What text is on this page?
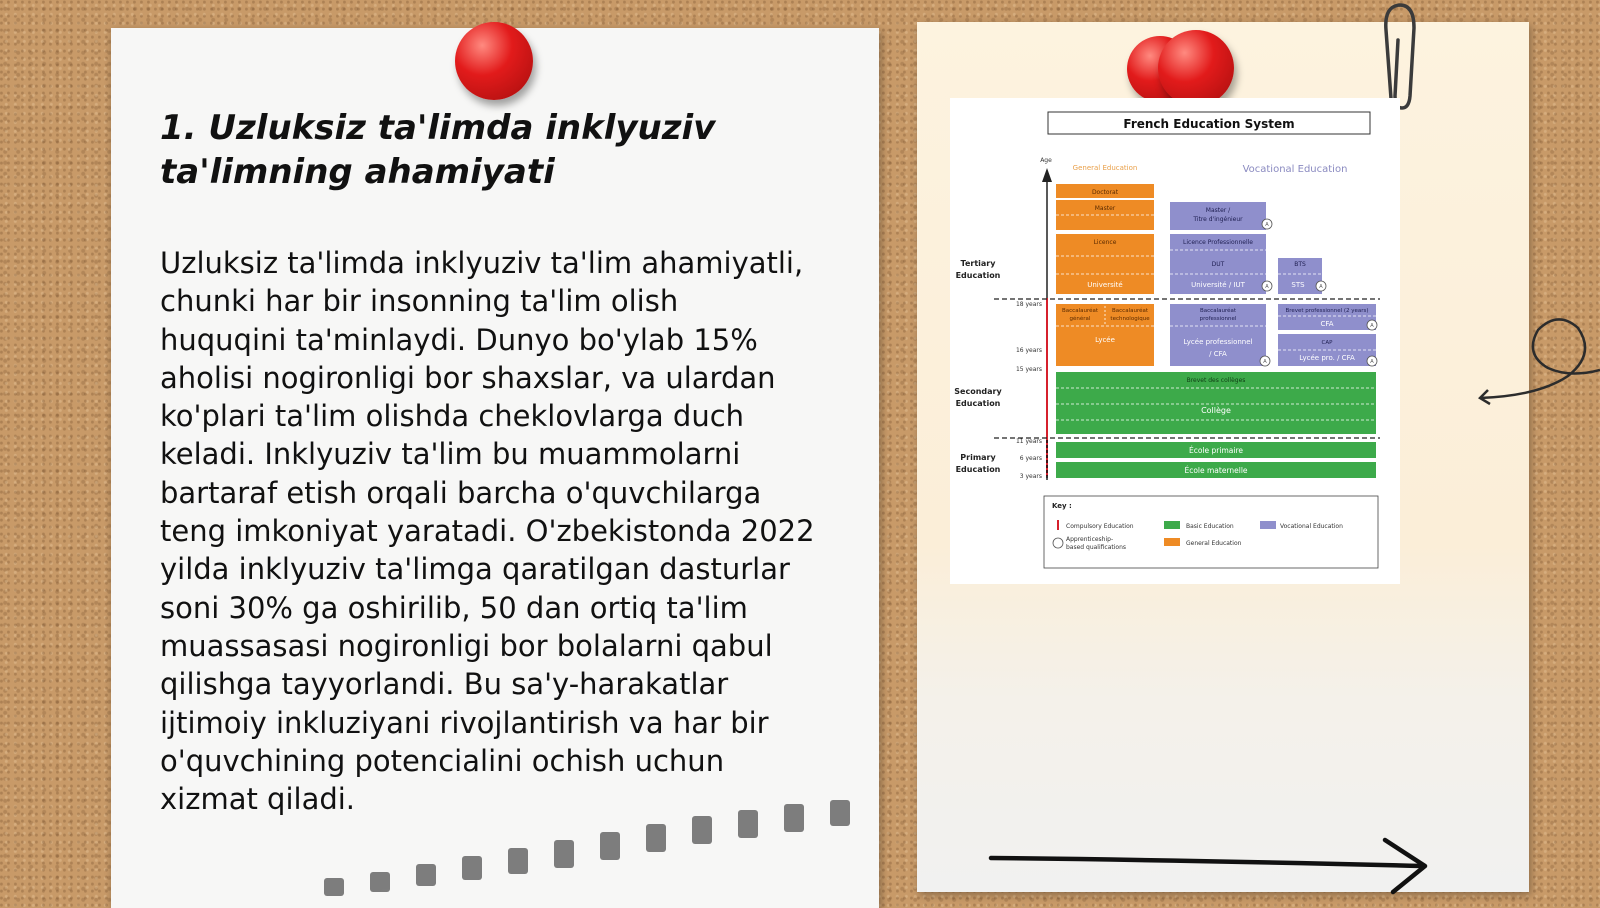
1. Uzluksiz ta'limda inklyuziv
ta'limning ahamiyati

Uzluksiz ta'limda inklyuziv ta'lim ahamiyatli,
chunki har bir insonning ta'lim olish
huquqini ta'minlaydi. Dunyo bo'ylab 15%
aholisi nogironligi bor shaxslar, va ulardan
ko'plari ta'lim olishda cheklovlarga duch
keladi. Inklyuziv ta'lim bu muammolarni
bartaraf etish orqali barcha o'quvchilarga
teng imkoniyat yaratadi. O'zbekistonda 2022
yilda inklyuziv ta'limga qaratilgan dasturlar
soni 30% ga oshirilib, 50 dan ortiq ta'lim
muassasasi nogironligi bor bolalarni qabul
qilishga tayyorlandi. Bu sa'y-harakatlar
ijtimoiy inkluziyani rivojlantirish va har bir
o'quvchining potencialini ochish uchun
xizmat qiladi.

French Education System
General Education	Vocational Education
Age
18 years
16 years
15 years
11 years
6 years
3 years
Tertiary
Education
Secondary
Education
Primary
Education
Doctorat
Master
Licence
Université
Master /
Titre d'ingénieur
Licence Professionnelle
DUT
Université / IUT
BTS
STS
Baccalauréat
général
Baccalauréat
technologique
Lycée
Baccalauréat
professionnel
Lycée professionnel
/ CFA
Brevet professionnel (2 years)
CFA
CAP
Lycée pro. / CFA
A
A	A
A
A	A
Brevet des collèges
Collège
École primaire
École maternelle
Key :
Compulsory Education
Apprenticeship-
based qualifications
Basic Education
General Education
Vocational Education
